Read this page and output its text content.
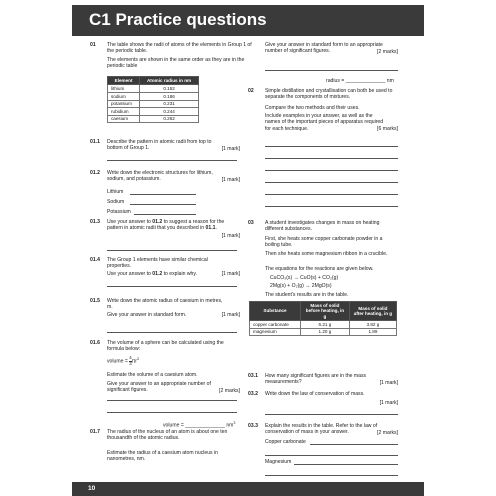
C1 Practice questions
01 The table shows the radii of atoms of the elements in Group 1 of the periodic table.
The elements are shown in the same order as they are in the periodic table
Element	Atomic radius in nm
lithium	0.152
sodium	0.186
potassium	0.231
rubidium	0.244
caesium	0.262
01.1 Describe the pattern in atomic radii from top to bottom of Group 1.	[1 mark]
01.2 Write down the electronic structures for lithium, sodium, and potassium.	[1 mark]
Lithium
Sodium
Potassium
01.3 Use your answer to 01.2 to suggest a reason for the pattern in atomic radii that you described in 01.1.
[1 mark]
01.4 The Group 1 elements have similar chemical properties.
Use your answer to 01.2 to explain why.	[1 mark]
01.5 Write down the atomic radius of caesium in metres, m.
Give your answer in standard form.	[1 mark]
01.6 The volume of a sphere can be calculated using the formula below:
volume = $\frac{4}{3} \pi r^3$
Estimate the volume of a caesium atom.
Give your answer to an appropriate number of significant figures.	[2 marks]
volume = ______________ $nm^3$
01.7 The radius of the nucleus of an atom is about one ten thousandth of the atomic radius.
Estimate the radius of a caesium atom nucleus in nanometres, nm.
Give your answer in standard form to an appropriate number of significant figures.	[2 marks]
radius = ______________ nm
02 Simple distillation and crystallisation can both be used to separate the components of mixtures.
Compare the two methods and their uses.
Include examples in your answer, as well as the names of the important pieces of apparatus required for each technique.	[6 marks]
03 A student investigates changes in mass on heating different substances.
First, she heats some copper carbonate powder in a boiling tube.
Then she heats some magnesium ribbon in a crucible.
The equations for the reactions are given below.
CuCO₃(s) → CuO(s) + CO₂(g)
2Mg(s) + O₂(g) → 2MgO(s)
The student's results are in the table.
Substance	Mass of solid before heating, in g	Mass of solid after heating, in g
copper carbonate	6.21 g	3.82 g
magnesium	1.20 g	1.89
03.1 How many significant figures are in the mass measurements?	[1 mark]
03.2 Write down the law of conservation of mass.
[1 mark]
03.3 Explain the results in the table. Refer to the law of conservation of mass in your answer.	[2 marks]
Copper carbonate
Magnesium
10
